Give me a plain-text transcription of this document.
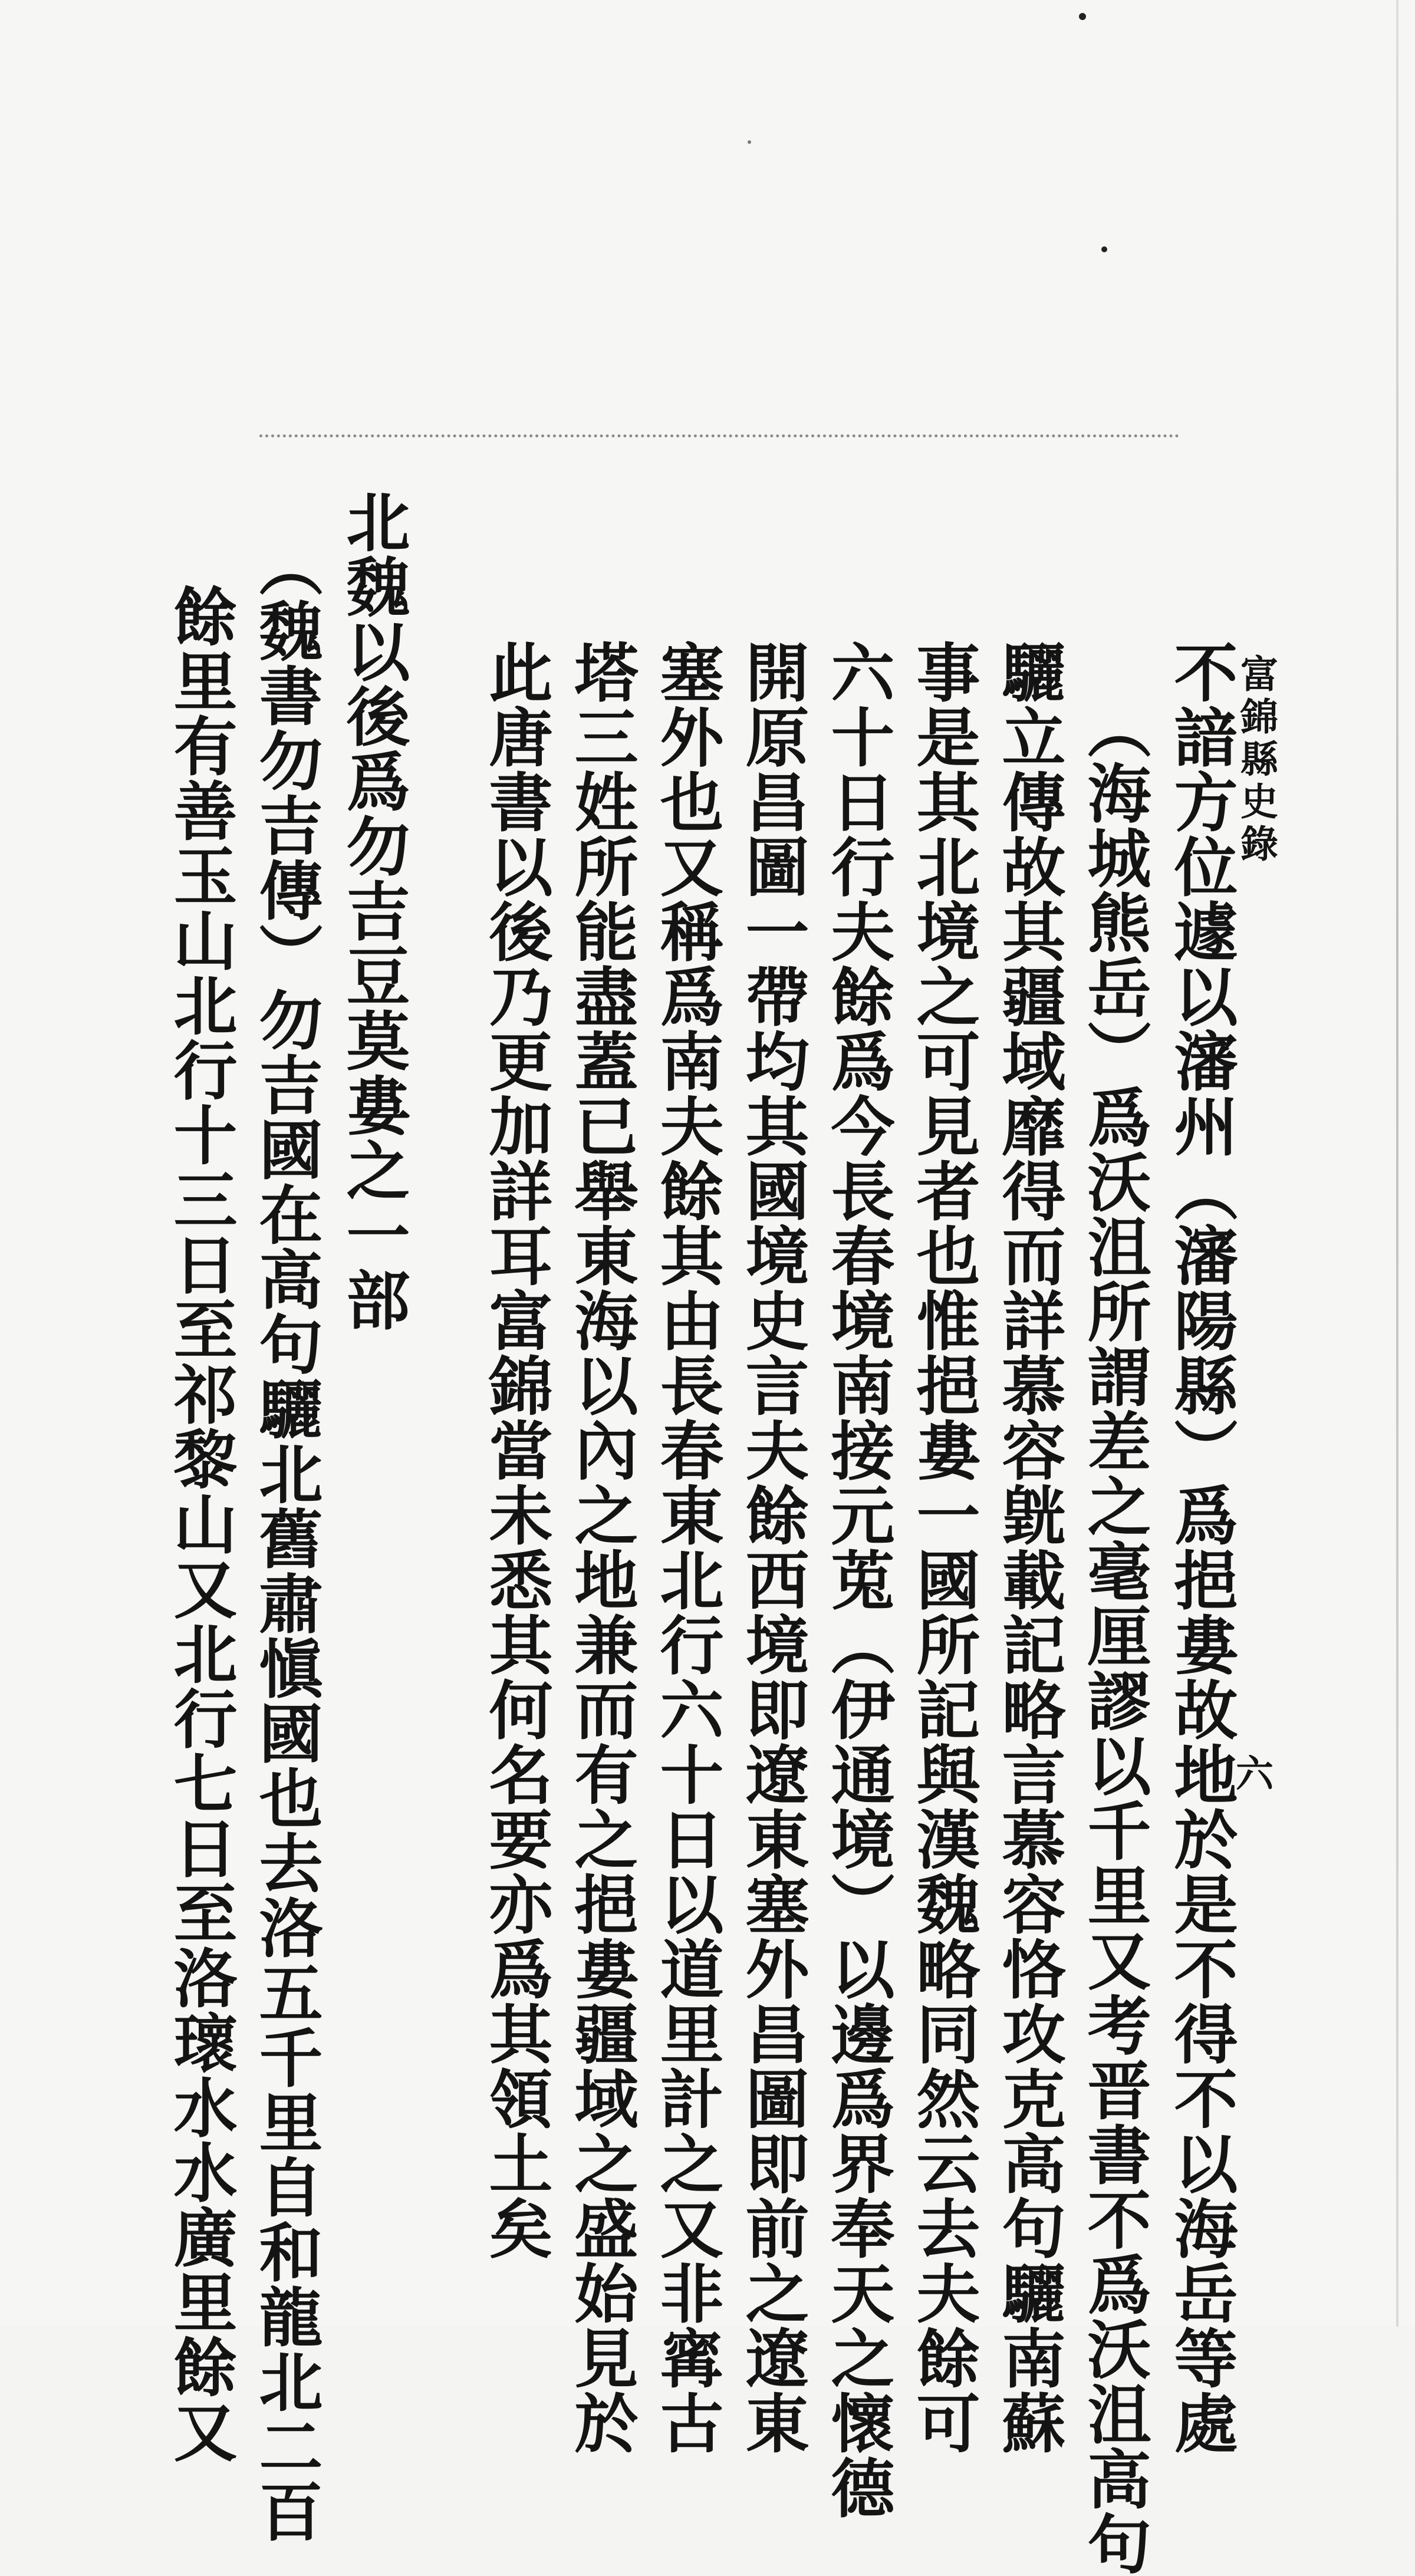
富錦縣史錄
六
不諳方位遽以瀋州（瀋陽縣）爲挹婁故地於是不得不以海岳等處
（海城熊岳）爲沃沮所謂差之毫厘謬以千里又考晋書不爲沃沮高句
驪立傳故其疆域靡得而詳慕容皝載記略言慕容恪攻克高句驪南蘇
事是其北境之可見者也惟挹婁一國所記與漢魏略同然云去夫餘可
六十日行夫餘爲今長春境南接元莵（伊通境）以邊爲界奉天之懷德
開原昌圖一帶均其國境史言夫餘西境即遼東塞外昌圖即前之遼東
塞外也又稱爲南夫餘其由長春東北行六十日以道里計之又非寗古
塔三姓所能盡蓋已舉東海以內之地兼而有之挹婁疆域之盛始見於
此唐書以後乃更加詳耳富錦當未悉其何名要亦爲其領土矣
北魏以後爲勿吉豆莫婁之一部
（魏書勿吉傳）勿吉國在高句驪北舊肅愼國也去洛五千里自和龍北二百
餘里有善玉山北行十三日至祁黎山又北行七日至洛瓌水水廣里餘又
